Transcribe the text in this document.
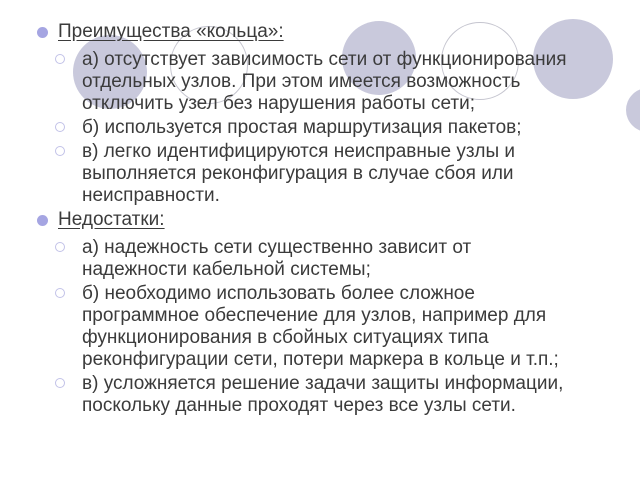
Преимущества «кольца»:
а) отсутствует зависимость сети от функционирования
отдельных узлов. При этом имеется возможность
отключить узел без нарушения работы сети;
б) используется простая маршрутизация пакетов;
в) легко идентифицируются неисправные узлы и
выполняется реконфигурация в случае сбоя или
неисправности.
Недостатки:
а) надежность сети существенно зависит от
надежности кабельной системы;
б) необходимо использовать более сложное
программное обеспечение для узлов, например для
функционирования в сбойных ситуациях типа
реконфигурации сети, потери маркера в кольце и т.п.;
в) усложняется решение задачи защиты информации,
поскольку данные проходят через все узлы сети.
